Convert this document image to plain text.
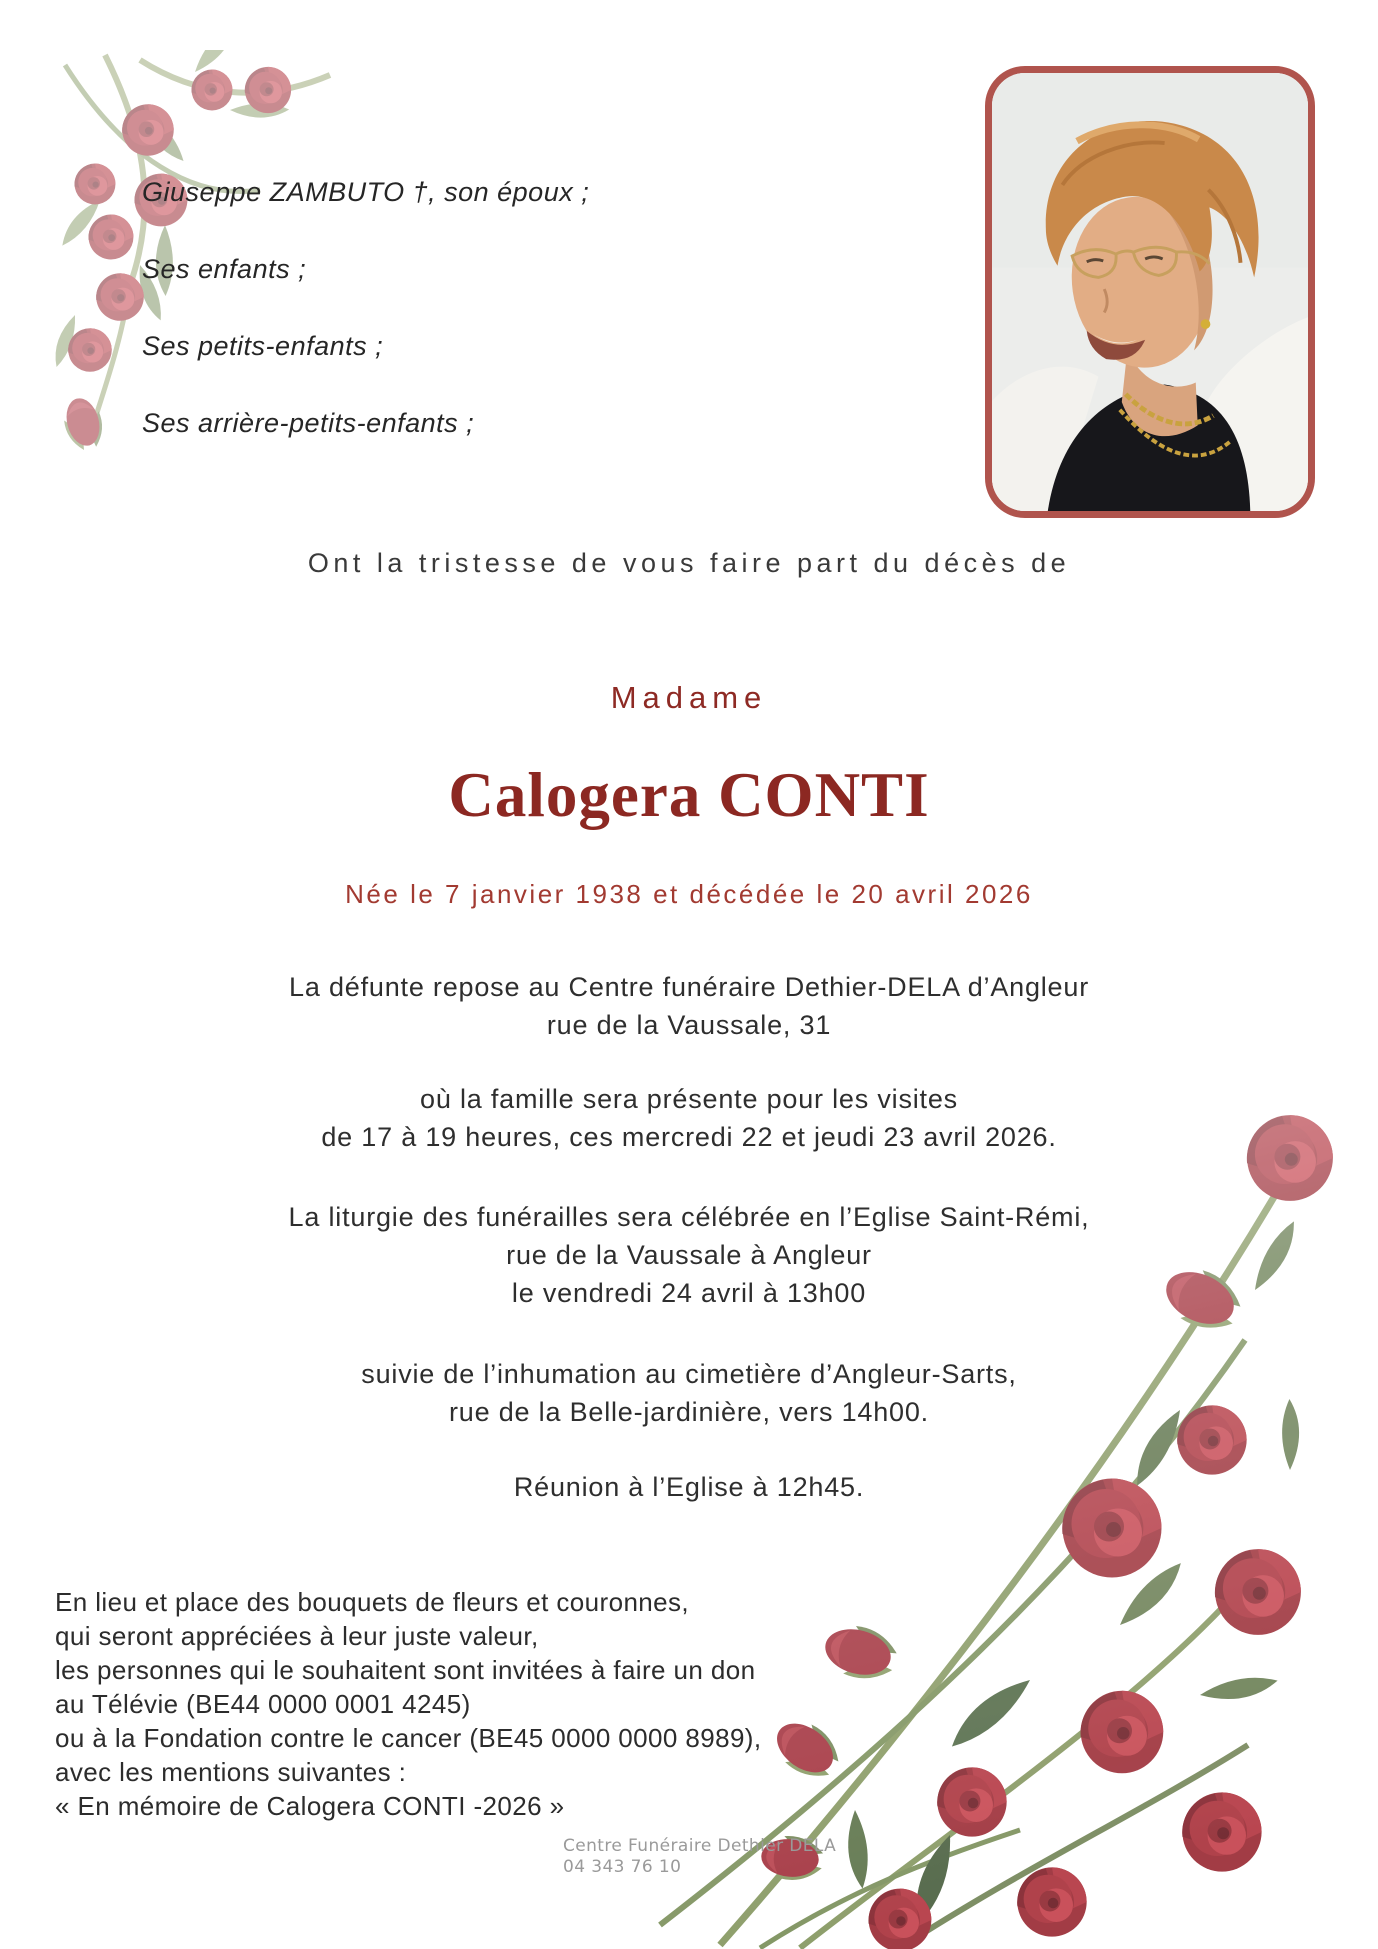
Giuseppe ZAMBUTO †, son époux ;

Ses enfants ;

Ses petits-enfants ;

Ses arrière-petits-enfants ;

Ont la tristesse de vous faire part du décès de
Madame
Calogera CONTI
Née le 7 janvier 1938 et décédée le 20 avril 2026

La défunte repose au Centre funéraire Dethier-DELA d’Angleur

rue de la Vaussale, 31

où la famille sera présente pour les visites

de 17 à 19 heures, ces mercredi 22 et jeudi 23 avril 2026.

La liturgie des funérailles sera célébrée en l’Eglise Saint-Rémi,

rue de la Vaussale à Angleur

le vendredi 24 avril à 13h00

suivie de l’inhumation au cimetière d’Angleur-Sarts,

rue de la Belle-jardinière, vers 14h00.

Réunion à l’Eglise à 12h45.

En lieu et place des bouquets de fleurs et couronnes,

qui seront appréciées à leur juste valeur,

les personnes qui le souhaitent sont invitées à faire un don

au Télévie (BE44 0000 0001 4245)

ou à la Fondation contre le cancer (BE45 0000 0000 8989),

avec les mentions suivantes :

« En mémoire de Calogera CONTI -2026 »

Centre Funéraire Dethier DELA

04 343 76 10
